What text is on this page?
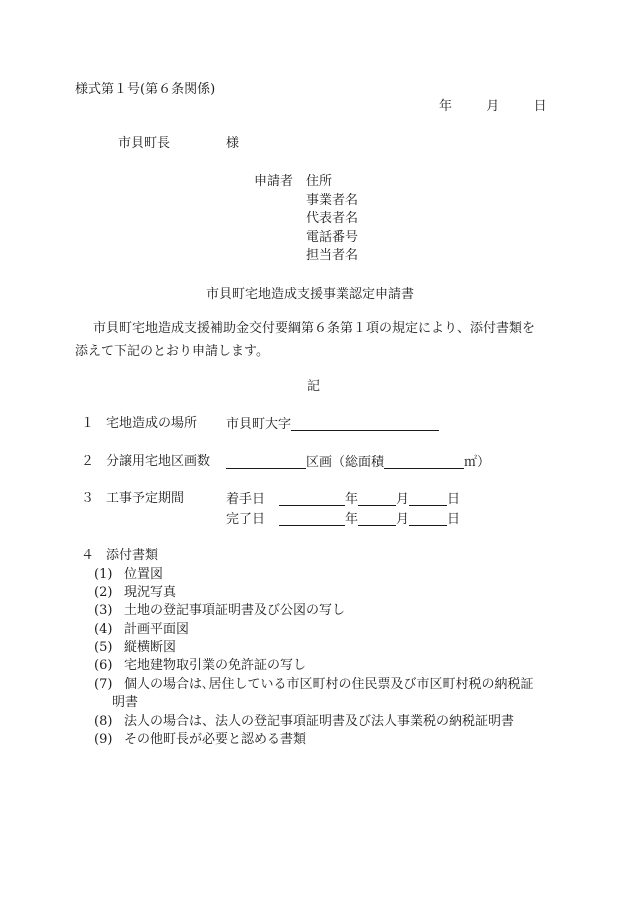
様式第１号(第６条関係)
年	月	日
市貝町長	様
申請者 住所
事業者名
代表者名
電話番号
担当者名
市貝町宅地造成支援事業認定申請書
市貝町宅地造成支援補助金交付要綱第６条第１項の規定により、添付書類を
添えて下記のとおり申請します。
記
１ 宅地造成の場所 市貝町大字
２ 分譲用宅地区画数	区画（総面積	㎡）
３ 工事予定期間	着手日	年	月	日
完了日	年	月	日
４ 添付書類
(1) 位置図
(2) 現況写真
(3) 土地の登記事項証明書及び公図の写し
(4) 計画平面図
(5) 縦横断図
(6) 宅地建物取引業の免許証の写し
(7) 個人の場合は､居住している市区町村の住民票及び市区町村税の納税証
明書
(8) 法人の場合は、法人の登記事項証明書及び法人事業税の納税証明書
(9) その他町長が必要と認める書類
